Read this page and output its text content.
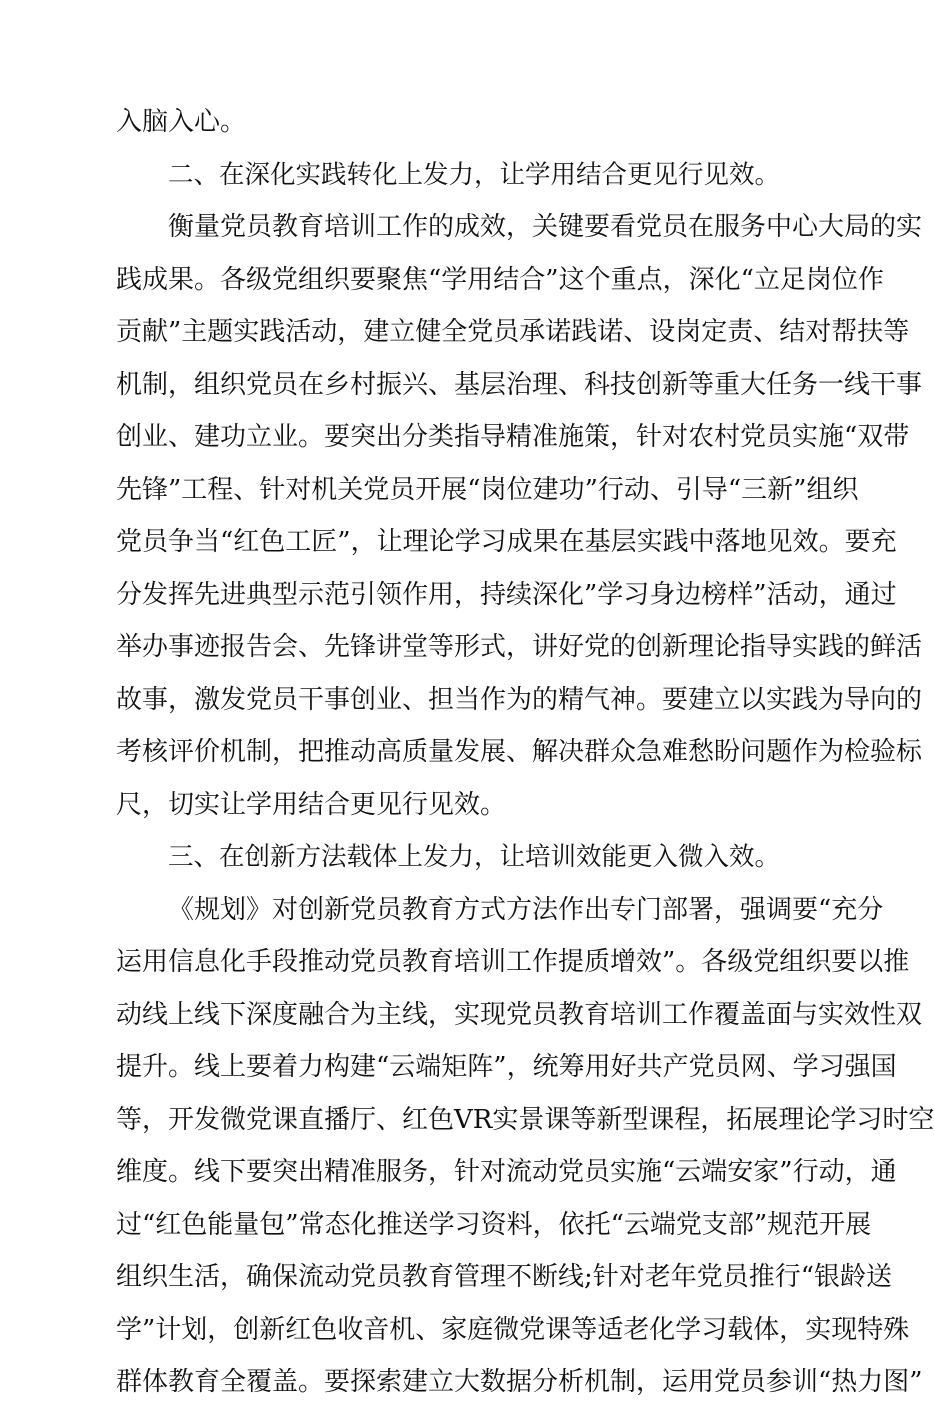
入脑入心。
二、在深化实践转化上发力，让学用结合更见行见效。
衡量党员教育培训工作的成效，关键要看党员在服务中心大局的实
践成果。各级党组织要聚焦“学用结合”这个重点，深化“立足岗位作
贡献”主题实践活动，建立健全党员承诺践诺、设岗定责、结对帮扶等
机制，组织党员在乡村振兴、基层治理、科技创新等重大任务一线干事
创业、建功立业。要突出分类指导精准施策，针对农村党员实施“双带
先锋”工程、针对机关党员开展“岗位建功”行动、引导“三新”组织
党员争当“红色工匠”，让理论学习成果在基层实践中落地见效。要充
分发挥先进典型示范引领作用，持续深化”学习身边榜样”活动，通过
举办事迹报告会、先锋讲堂等形式，讲好党的创新理论指导实践的鲜活
故事，激发党员干事创业、担当作为的精气神。要建立以实践为导向的
考核评价机制，把推动高质量发展、解决群众急难愁盼问题作为检验标
尺，切实让学用结合更见行见效。
三、在创新方法载体上发力，让培训效能更入微入效。
《规划》对创新党员教育方式方法作出专门部署，强调要“充分
运用信息化手段推动党员教育培训工作提质增效”。各级党组织要以推
动线上线下深度融合为主线，实现党员教育培训工作覆盖面与实效性双
提升。线上要着力构建“云端矩阵”，统筹用好共产党员网、学习强国
等，开发微党课直播厅、红色VR实景课等新型课程，拓展理论学习时空
维度。线下要突出精准服务，针对流动党员实施“云端安家”行动，通
过“红色能量包”常态化推送学习资料，依托“云端党支部”规范开展
组织生活，确保流动党员教育管理不断线;针对老年党员推行“银龄送
学”计划，创新红色收音机、家庭微党课等适老化学习载体，实现特殊
群体教育全覆盖。要探索建立大数据分析机制，运用党员参训“热力图”
